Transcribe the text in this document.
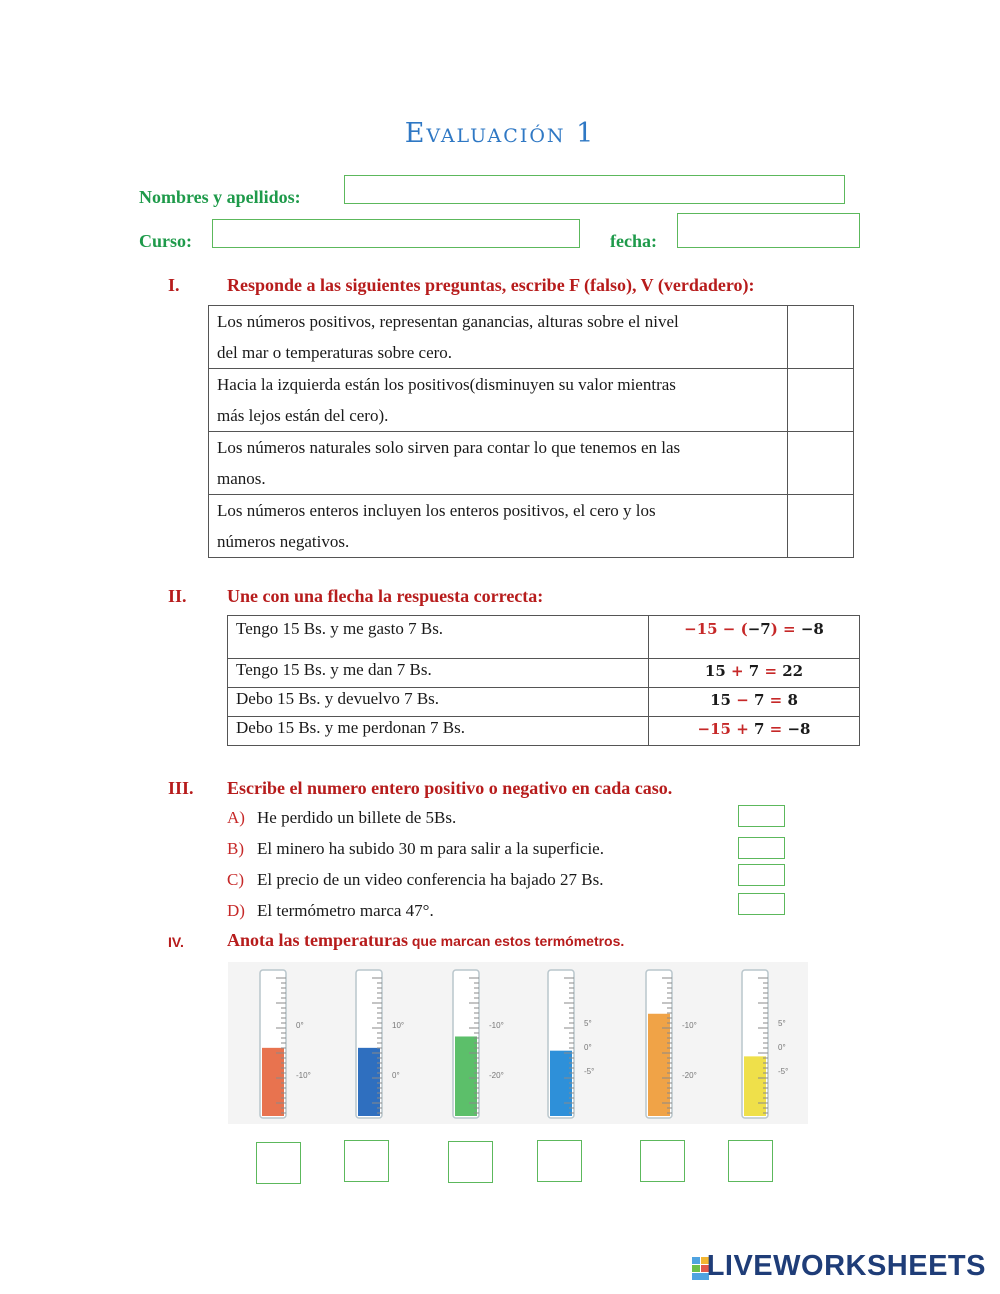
Evaluación 1
Nombres y apellidos:
Curso:	fecha:
I.	Responde a las siguientes preguntas, escribe F (falso), V (verdadero):
Los números positivos, representan ganancias, alturas sobre el nivel
del mar o temperaturas sobre cero.	
Hacia la izquierda están los positivos(disminuyen su valor mientras
más lejos están del cero).	
Los números naturales solo sirven para contar lo que tenemos en las
manos.	
Los números enteros incluyen los enteros positivos, el cero y los
números negativos.	
II. Une con una flecha la respuesta correcta:
Tengo 15 Bs. y me gasto 7 Bs.	−15 − (−7) = −8
Tengo 15 Bs. y me dan 7 Bs.	15 + 7 = 22
Debo 15 Bs. y devuelvo 7 Bs.	15 − 7 = 8
Debo 15 Bs. y me perdonan 7 Bs.	−15 + 7 = −8
III. Escribe el numero entero positivo o negativo en cada caso.
A) He perdido un billete de 5Bs.
B) El minero ha subido 30 m para salir a la superficie.
C) El precio de un video conferencia ha bajado 27 Bs.
D) El termómetro marca 47°.
IV. Anota las temperaturas que marcan estos termómetros.
0°
-10°
10°
0°
-10°
-20°
5°
0°
-5°
-10°
-20°
5°
0°
-5°
LIVEWORKSHEETS
